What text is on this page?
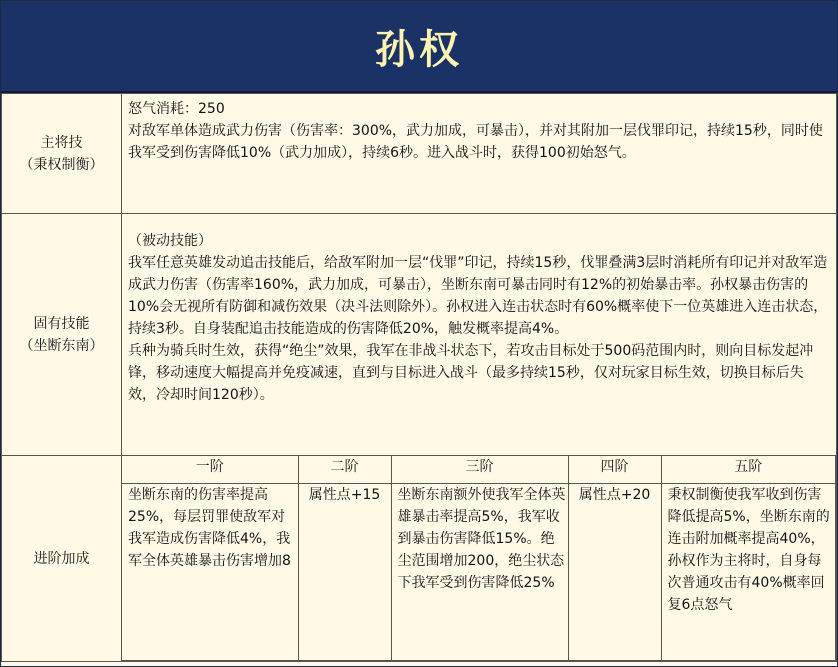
孙权
主将技
（秉权制衡）

怒气消耗：250
对敌军单体造成武力伤害（伤害率：300%，武力加成，可暴击），并对其附加一层伐罪印记，持续15秒，同时使我军受到伤害降低10%（武力加成），持续6秒。进入战斗时，获得100初始怒气。

固有技能
（坐断东南）

（被动技能）
我军任意英雄发动追击技能后，给敌军附加一层“伐罪”印记，持续15秒，伐罪叠满3层时消耗所有印记并对敌军造成武力伤害（伤害率160%，武力加成，可暴击），坐断东南可暴击同时有12%的初始暴击率。孙权暴击伤害的10%会无视所有防御和减伤效果（决斗法则除外）。孙权进入连击状态时有60%概率使下一位英雄进入连击状态，持续3秒。自身装配追击技能造成的伤害降低20%，触发概率提高4%。
兵种为骑兵时生效，获得“绝尘”效果，我军在非战斗状态下，若攻击目标处于500码范围内时，则向目标发起冲锋，移动速度大幅提高并免疫减速，直到与目标进入战斗（最多持续15秒，仅对玩家目标生效，切换目标后失效，冷却时间120秒）。

进阶加成	
一阶	二阶	三阶	四阶	五阶
坐断东南的伤害率提高25%，每层罚罪使敌军对我军造成伤害降低4%，我军全体英雄暴击伤害增加8	属性点+15	坐断东南额外使我军全体英雄暴击率提高5%，我军收到暴击伤害降低15%。绝尘范围增加200，绝尘状态下我军受到伤害降低25%	属性点+20	秉权制衡使我军收到伤害降低提高5%，坐断东南的连击附加概率提高40%，孙权作为主将时，自身每次普通攻击有40%概率回复6点怒气
